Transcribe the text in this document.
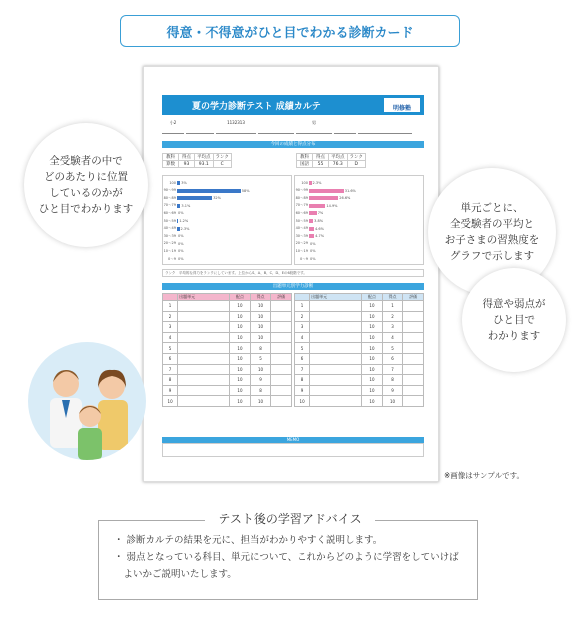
得意・不得意がひと目でわかる診断カード
夏の学力診断テスト 成績カルテ	明修塾
小2	1132313	男
今回の成績と得点分布
教科	得点	平均点	ランク
算数	93	93.1	C
教科	得点	平均点	ランク
国語	55	76.3	D
100 3%
90〜99	58%
80〜89	32%
70〜79 3.1%
60〜69 0%
50〜59 1.2%
40〜49 2.3%
30〜39 0%
20〜29 0%
10〜19 0%
0〜9 0%
100 2.3%
90〜99	31.6%
80〜89	26.6%
70〜79	14.9%
60〜69	7%
50〜59 3.8%
40〜49 4.6%
30〜39 4.7%
20〜29 0%
10〜19 0%
0〜9 0%
ランク　平均的な得力をランクにしています。上位からS、A、B、C、D、Eの6段階です。
出題単元別学力診断
	出題単元	配点	得点	評価
1		10	10	
2		10	10	
3		10	10	
4		10	10	
5		10	8	
6		10	5	
7		10	10	
8		10	9	
9		10	8	
10		10	10	
	出題単元	配点	得点	評価
1		10	1	
2		10	2	
3		10	3	
4		10	4	
5		10	5	
6		10	6	
7		10	7	
8		10	8	
9		10	9	
10		10	10	
MEMO
全受験者の中で
どのあたりに位置
しているのかが
ひと目でわかります	単元ごとに、
全受験者の平均と
お子さまの習熟度を
グラフで示します
得意や弱点が
ひと目で
わかります
※画像はサンプルです。
テスト後の学習アドバイス
・ 診断カルテの結果を元に、担当がわかりやすく説明します。
・ 弱点となっている科目、単元について、これからどのように学習をしていけば
　よいかご説明いたします。
